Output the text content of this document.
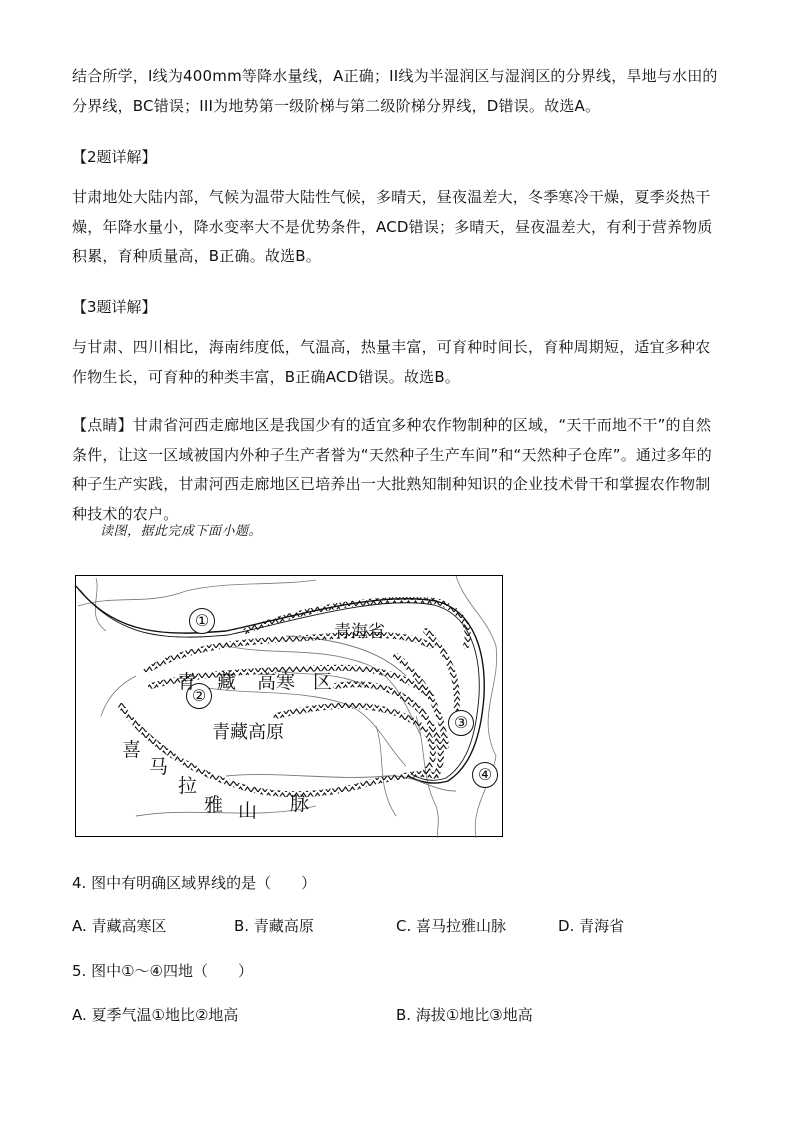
结合所学，I线为400mm等降水量线，A正确；II线为半湿润区与湿润区的分界线，旱地与水田的分界线，BC错误；III为地势第一级阶梯与第二级阶梯分界线，D错误。故选A。

【2题详解】

甘肃地处大陆内部，气候为温带大陆性气候，多晴天，昼夜温差大，冬季寒冷干燥，夏季炎热干燥，年降水量小，降水变率大不是优势条件，ACD错误；多晴天，昼夜温差大，有利于营养物质积累，育种质量高，B正确。故选B。

【3题详解】

与甘肃、四川相比，海南纬度低，气温高，热量丰富，可育种时间长，育种周期短，适宜多种农作物生长，可育种的种类丰富，B正确ACD错误。故选B。

【点睛】甘肃省河西走廊地区是我国少有的适宜多种农作物制种的区域，“天干而地不干”的自然条件，让这一区域被国内外种子生产者誉为“天然种子生产车间”和“天然种子仓库”。通过多年的种子生产实践，甘肃河西走廊地区已培养出一大批熟知制种知识的企业技术骨干和掌握农作物制种技术的农户。

读图，据此完成下面小题。
①
②
③
④
青海省
青 藏 高 寒 区
青藏高原
喜
马
拉
雅 山 脉

4. 图中有明确区域界线的是（　　）

A. 青藏高寒区	B. 青藏高原	C. 喜马拉雅山脉	D. 青海省

5. 图中①～④四地（　　）

A. 夏季气温①地比②地高	B. 海拔①地比③地高
